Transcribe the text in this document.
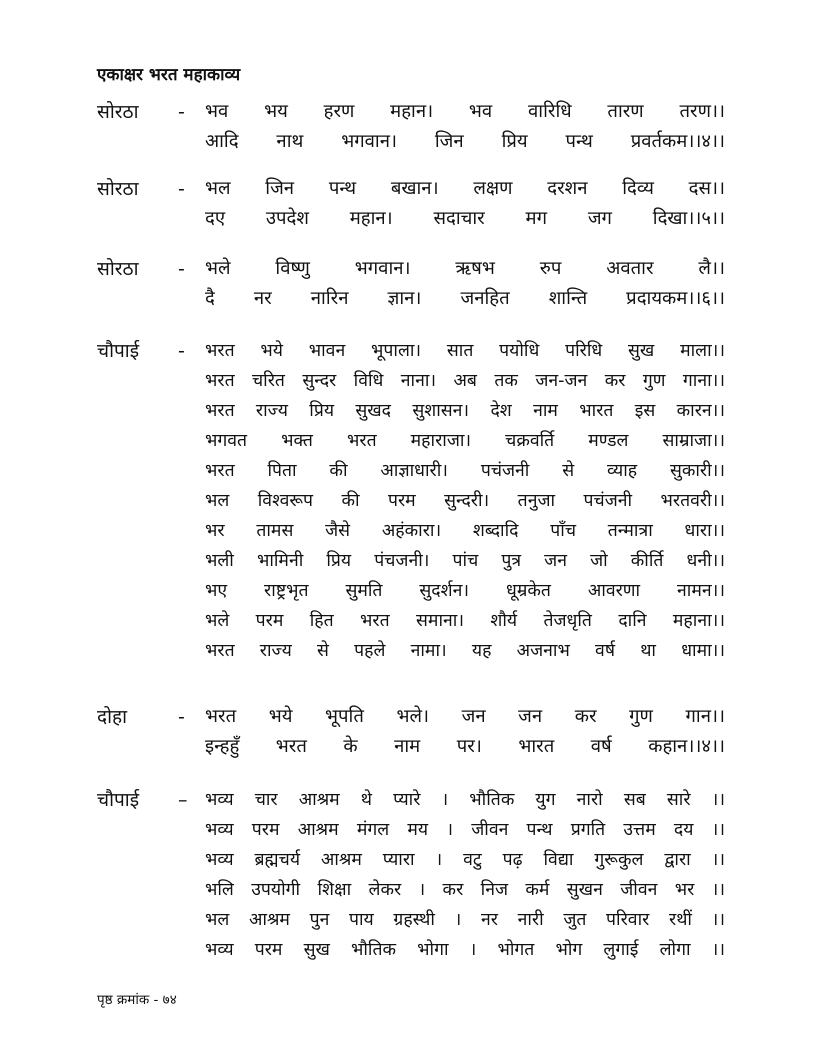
एकाक्षर भरत महाकाव्य
सोरठा - भव भय हरण महान। भव वारिधि तारण तरण।।
आदि नाथ भगवान। जिन प्रिय पन्थ प्रवर्तकम।।४।।
सोरठा - भल जिन पन्थ बखान। लक्षण दरशन दिव्य दस।।
दए उपदेश महान। सदाचार मग जग दिखा।।५।।
सोरठा - भले विष्णु भगवान। ऋषभ रुप अवतार लै।।
दै नर नारिन ज्ञान। जनहित शान्ति प्रदायकम।।६।।
चौपाई - भरत भये भावन भूपाला। सात पयोधि परिधि सुख माला।।
भरत चरित सुन्दर विधि नाना। अब तक जन-जन कर गुण गाना।।
भरत राज्य प्रिय सुखद सुशासन। देश नाम भारत इस कारन।।
भगवत भक्त भरत महाराजा। चक्रवर्ति मण्डल साम्राजा।।
भरत पिता की आज्ञाधारी। पचंजनी से व्याह सुकारी।।
भल विश्वरूप की परम सुन्दरी। तनुजा पचंजनी भरतवरी।।
भर तामस जैसे अहंकारा। शब्दादि पाँच तन्मात्रा धारा।।
भली भामिनी प्रिय पंचजनी। पांच पुत्र जन जो कीर्ति धनी।।
भए राष्ट्रभृत सुमति सुदर्शन। धूम्रकेत आवरणा नामन।।
भले परम हित भरत समाना। शौर्य तेजधृति दानि महाना।।
भरत राज्य से पहले नामा। यह अजनाभ वर्ष था धामा।।
दोहा	- भरत भये भूपति भले। जन जन कर गुण गान।।
इन्हहुँ भरत के नाम पर। भारत वर्ष कहान।।४।।
चौपाई – भव्य चार आश्रम थे प्यारे । भौतिक युग नारो सब सारे ।।
भव्य परम आश्रम मंगल मय । जीवन पन्थ प्रगति उत्तम दय ।।
भव्य ब्रह्मचर्य आश्रम प्यारा । वटु पढ़ विद्या गुरूकुल द्वारा ।।
भलि उपयोगी शिक्षा लेकर । कर निज कर्म सुखन जीवन भर ।।
भल आश्रम पुन पाय ग्रहस्थी । नर नारी जुत परिवार रथीं ।।
भव्य परम सुख भौतिक भोगा । भोगत भोग लुगाई लोगा ।।
पृष्ठ क्रमांक - ७४
